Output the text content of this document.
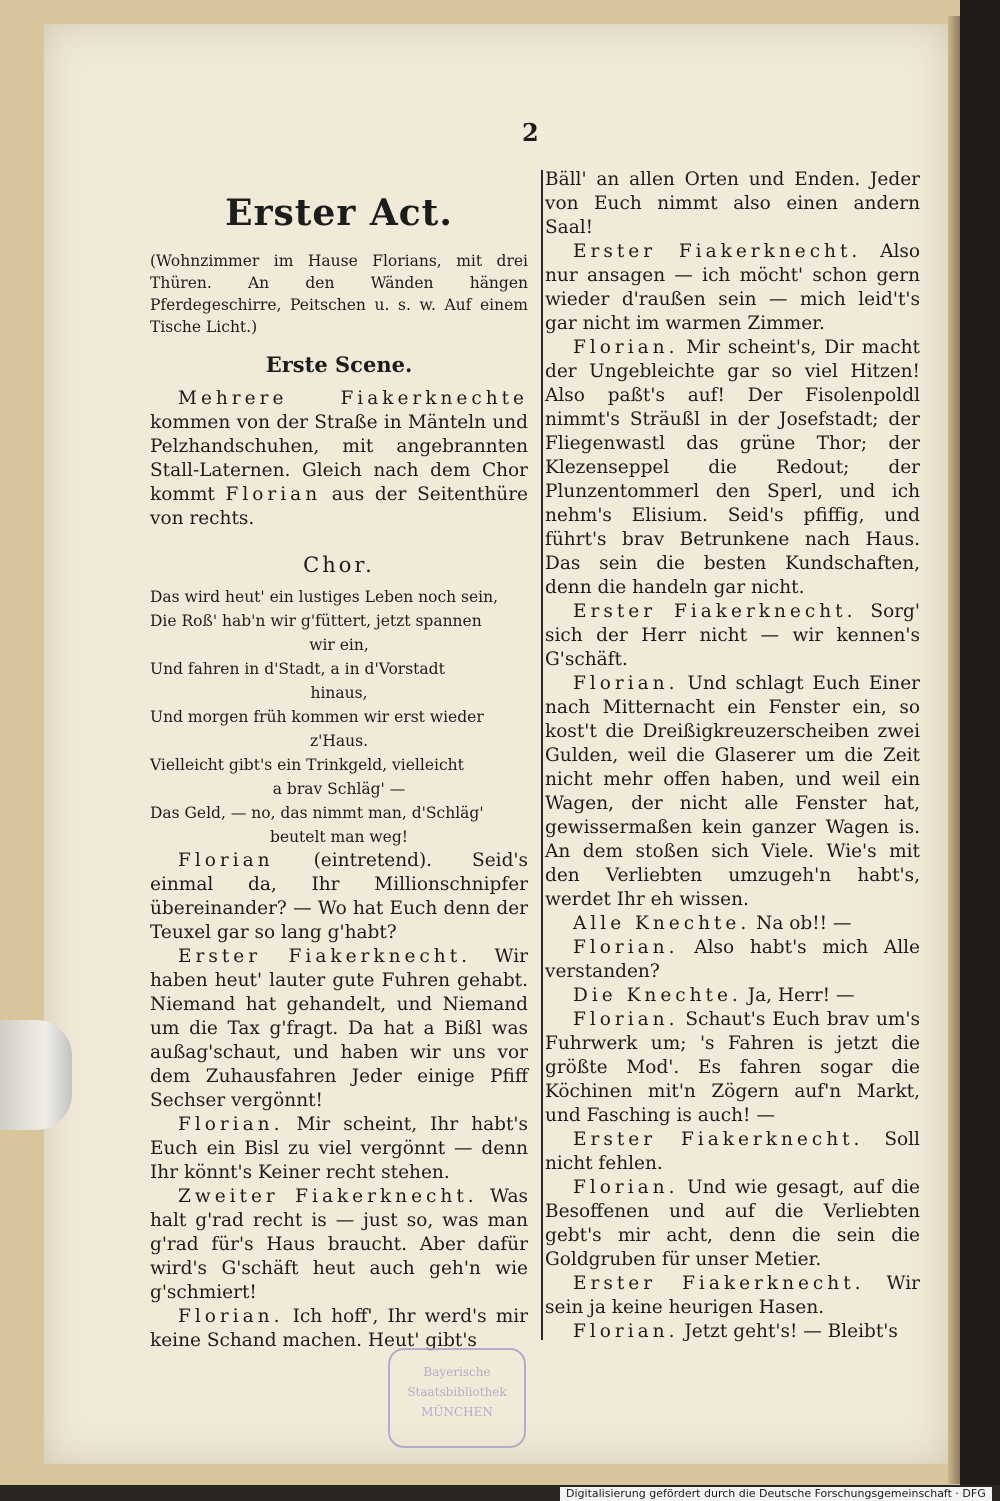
2
Erster Act.

(Wohnzimmer im Hause Florians, mit drei Thüren. An den Wänden hängen Pferdegeschirre, Peitschen u. s. w. Auf einem Tische Licht.)

Erste Scene.

Mehrere Fiakerknechte kommen von der Straße in Mänteln und Pelzhandschuhen, mit angebrannten Stall-Laternen. Gleich nach dem Chor kommt Florian aus der Seitenthüre von rechts.

Chor.

Das wird heut' ein lustiges Leben noch sein,

Die Roß' hab'n wir g'füttert, jetzt spannen
wir ein,

Und fahren in d'Stadt, a in d'Vorstadt
hinaus,

Und morgen früh kommen wir erst wieder
z'Haus.

Vielleicht gibt's ein Trinkgeld, vielleicht
a brav Schläg' —

Das Geld, — no, das nimmt man, d'Schläg'
beutelt man weg!

Florian (eintretend). Seid's einmal da, Ihr Millionschnipfer übereinander? — Wo hat Euch denn der Teuxel gar so lang g'habt?

Erster Fiakerknecht. Wir haben heut' lauter gute Fuhren gehabt. Niemand hat gehandelt, und Niemand um die Tax g'fragt. Da hat a Bißl was außag'schaut, und haben wir uns vor dem Zuhausfahren Jeder einige Pfiff Sechser vergönnt!

Florian. Mir scheint, Ihr habt's Euch ein Bisl zu viel vergönnt — denn Ihr könnt's Keiner recht stehen.

Zweiter Fiakerknecht. Was halt g'rad recht is — just so, was man g'rad für's Haus braucht. Aber dafür wird's G'schäft heut auch geh'n wie g'schmiert!

Florian. Ich hoff', Ihr werd's mir keine Schand machen. Heut' gibt's

Bäll' an allen Orten und Enden. Jeder von Euch nimmt also einen andern Saal!

Erster Fiakerknecht. Also nur ansagen — ich möcht' schon gern wieder d'raußen sein — mich leid't's gar nicht im warmen Zimmer.

Florian. Mir scheint's, Dir macht der Ungebleichte gar so viel Hitzen! Also paßt's auf! Der Fisolenpoldl nimmt's Sträußl in der Josefstadt; der Fliegenwastl das grüne Thor; der Klezenseppel die Redout; der Plunzentommerl den Sperl, und ich nehm's Elisium. Seid's pfiffig, und führt's brav Betrunkene nach Haus. Das sein die besten Kundschaften, denn die handeln gar nicht.

Erster Fiakerknecht. Sorg' sich der Herr nicht — wir kennen's G'schäft.

Florian. Und schlagt Euch Einer nach Mitternacht ein Fenster ein, so kost't die Dreißigkreuzerscheiben zwei Gulden, weil die Glaserer um die Zeit nicht mehr offen haben, und weil ein Wagen, der nicht alle Fenster hat, gewissermaßen kein ganzer Wagen is. An dem stoßen sich Viele. Wie's mit den Verliebten umzugeh'n habt's, werdet Ihr eh wissen.

Alle Knechte. Na ob!! —

Florian. Also habt's mich Alle verstanden?

Die Knechte. Ja, Herr! —

Florian. Schaut's Euch brav um's Fuhrwerk um; 's Fahren is jetzt die größte Mod'. Es fahren sogar die Köchinen mit'n Zögern auf'n Markt, und Fasching is auch! —

Erster Fiakerknecht. Soll nicht fehlen.

Florian. Und wie gesagt, auf die Besoffenen und auf die Verliebten gebt's mir acht, denn die sein die Goldgruben für unser Metier.

Erster Fiakerknecht. Wir sein ja keine heurigen Hasen.

Florian. Jetzt geht's! — Bleibt's

Bayerische
Staatsbibliothek
MÜNCHEN
Digitalisierung gefördert durch die Deutsche Forschungsgemeinschaft · DFG
